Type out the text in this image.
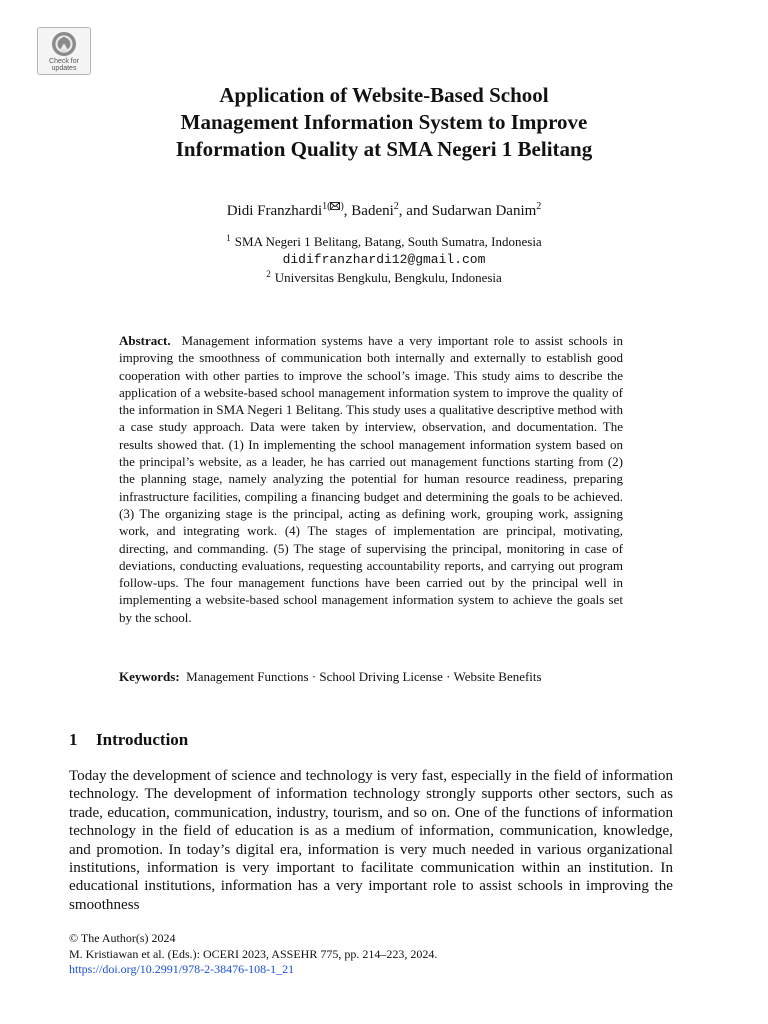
Check for
updates
Application of Website-Based School
Management Information System to Improve
Information Quality at SMA Negeri 1 Belitang
Didi Franzhardi$^{1( )}$, Badeni$^2$, and Sudarwan Danim$^2$
$^1$ SMA Negeri 1 Belitang, Batang, South Sumatra, Indonesia
didifranzhardi12@gmail.com
$^2$ Universitas Bengkulu, Bengkulu, Indonesia
Abstract. Management information systems have a very important role to assist schools in improving the smoothness of communication both internally and externally to establish good cooperation with other parties to improve the school’s image. This study aims to describe the application of a website-based school management information system to improve the quality of the information in SMA Negeri 1 Belitang. This study uses a qualitative descriptive method with a case study approach. Data were taken by interview, observation, and documentation. The results showed that. (1) In implementing the school management information system based on the principal’s website, as a leader, he has carried out management functions starting from (2) the planning stage, namely analyzing the potential for human resource readiness, preparing infrastructure facilities, compiling a financing budget and determining the goals to be achieved. (3) The organizing stage is the principal, acting as defining work, grouping work, assigning work, and integrating work. (4) The stages of implementation are principal, motivating, directing, and commanding. (5) The stage of supervising the principal, monitoring in case of deviations, conducting evaluations, requesting accountability reports, and carrying out program follow-ups. The four management functions have been carried out by the principal well in implementing a website-based school management information system to achieve the goals set by the school.
Keywords: Management Functions · School Driving License · Website Benefits
1 Introduction
Today the development of science and technology is very fast, especially in the field of information technology. The development of information technology strongly supports other sectors, such as trade, education, communication, industry, tourism, and so on. One of the functions of information technology in the field of education is as a medium of information, communication, knowledge, and promotion. In today’s digital era, information is very much needed in various organizational institutions, information is very important to facilitate communication within an institution. In educational institutions, information has a very important role to assist schools in improving the smoothness
© The Author(s) 2024
M. Kristiawan et al. (Eds.): OCERI 2023, ASSEHR 775, pp. 214–223, 2024.
https://doi.org/10.2991/978-2-38476-108-1_21
